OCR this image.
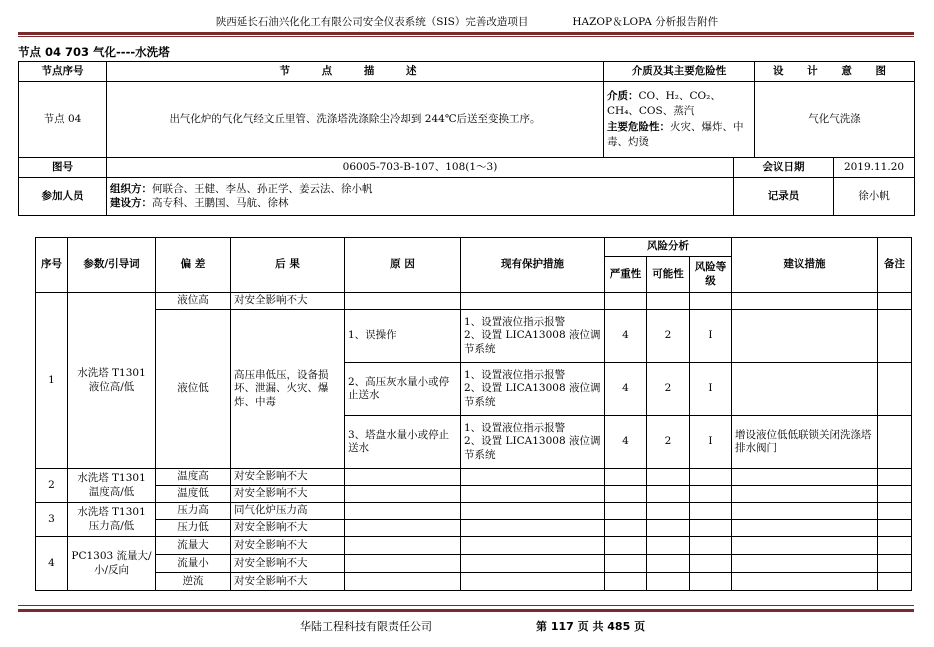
陕西延长石油兴化化工有限公司安全仪表系统（SIS）完善改造项目	HAZOP＆LOPA 分析报告附件
节点 04 703 气化----水洗塔
节点序号	节 点 描 述	介质及其主要危险性		设 计 意 图	
节点 04	出气化炉的气化气经文丘里管、洗涤塔洗涤除尘冷却到 244℃后送至变换工序。	介质：CO、H₂、CO₂、CH₄、COS、蒸汽
主要危险性：火灾、爆炸、中毒、灼烫		气化气洗涤	
图号	06005-703-B-107、108(1～3)		会议日期		2019.11.20
参加人员	组织方：何联合、王健、李丛、孙正学、姜云法、徐小帆
建设方：高专科、王鹏国、马航、徐林		记录员		徐小帆
序号	参数/引导词	偏 差	后 果	原 因	现有保护措施	风险分析			建议措施	备注
						严重性	可能性	风险等级		
1	水洗塔 T1301 液位高/低	液位高	对安全影响不大							
		液位低	高压串低压，设备损坏、泄漏、火灾、爆炸、中毒	1、误操作	1、设置液位指示报警
2、设置 LICA13008 液位调节系统	4	2	I		
				2、高压灰水量小或停止送水	1、设置液位指示报警
2、设置 LICA13008 液位调节系统	4	2	I		
				3、塔盘水量小或停止送水	1、设置液位指示报警
2、设置 LICA13008 液位调节系统	4	2	I	增设液位低低联锁关闭洗涤塔排水阀门	
2	水洗塔 T1301 温度高/低	温度高	对安全影响不大							
		温度低	对安全影响不大							
3	水洗塔 T1301 压力高/低	压力高	同气化炉压力高							
		压力低	对安全影响不大							
4	PC1303 流量大/小/反向	流量大	对安全影响不大							
		流量小	对安全影响不大							
		逆流	对安全影响不大							
华陆工程科技有限责任公司	第 117 页 共 485 页
